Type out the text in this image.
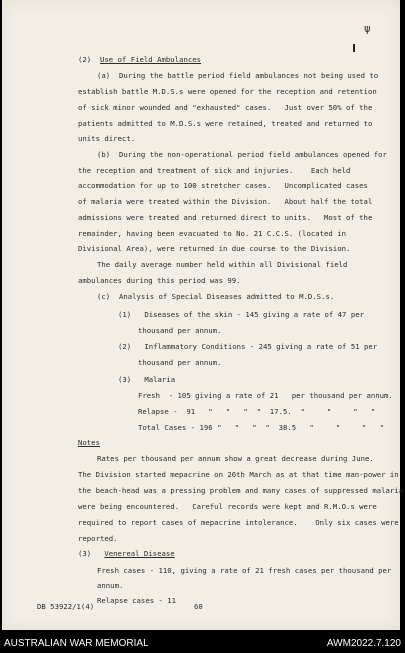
ψ
(2)  Use of Field Ambulances
(a)  During the battle period field ambulances not being used to
establish battle M.D.S.s were opened for the reception and retention
of sick minor wounded and "exhausted" cases.   Just over 50% of the
patients admitted to M.D.S.s were retained, treated and returned to
units direct.
(b)  During the non-operational period field ambulances opened for
the reception and treatment of sick and injuries.    Each held
accommodation for up to 100 stretcher cases.   Uncomplicated cases
of malaria were treated within the Division.   About half the total
admissions were treated and returned direct to units.   Most of the
remainder, having been evacuated to No. 21 C.C.S. (located in
Divisional Area), were returned in due course to the Division.
The daily average number held within all Divisional field
ambulances during this period was 99.
(c)  Analysis of Special Diseases admitted to M.D.S.s.
(1)   Diseases of the skin - 145 giving a rate of 47 per
thousand per annum.
(2)   Inflammatory Conditions - 245 giving a rate of 51 per
thousand per annum.
(3)   Malaria
Fresh  - 105 giving a rate of 21   per thousand per annum.
Relapse -  91   "   "   "  "  17.5.  "     "     "   "
Total Cases - 196 "   "   "  "  38.5   "     "     "   "
Notes
Rates per thousand per annum show a great decrease during June.
The Division started mepacrine on 26th March as at that time man-power in
the beach-head was a pressing problem and many cases of suppressed malaria
were being encountered.   Careful records were kept and R.M.O.s were
required to report cases of mepacrine intolerance.    Only six cases were
reported.
(3)   Venereal Disease
Fresh cases - 110, giving a rate of 21 fresh cases per thousand per
annum.
Relapse cases - 11
DB 53922/1(4)	60
AUSTRALIAN WAR MEMORIAL	AWM2022.7.120
